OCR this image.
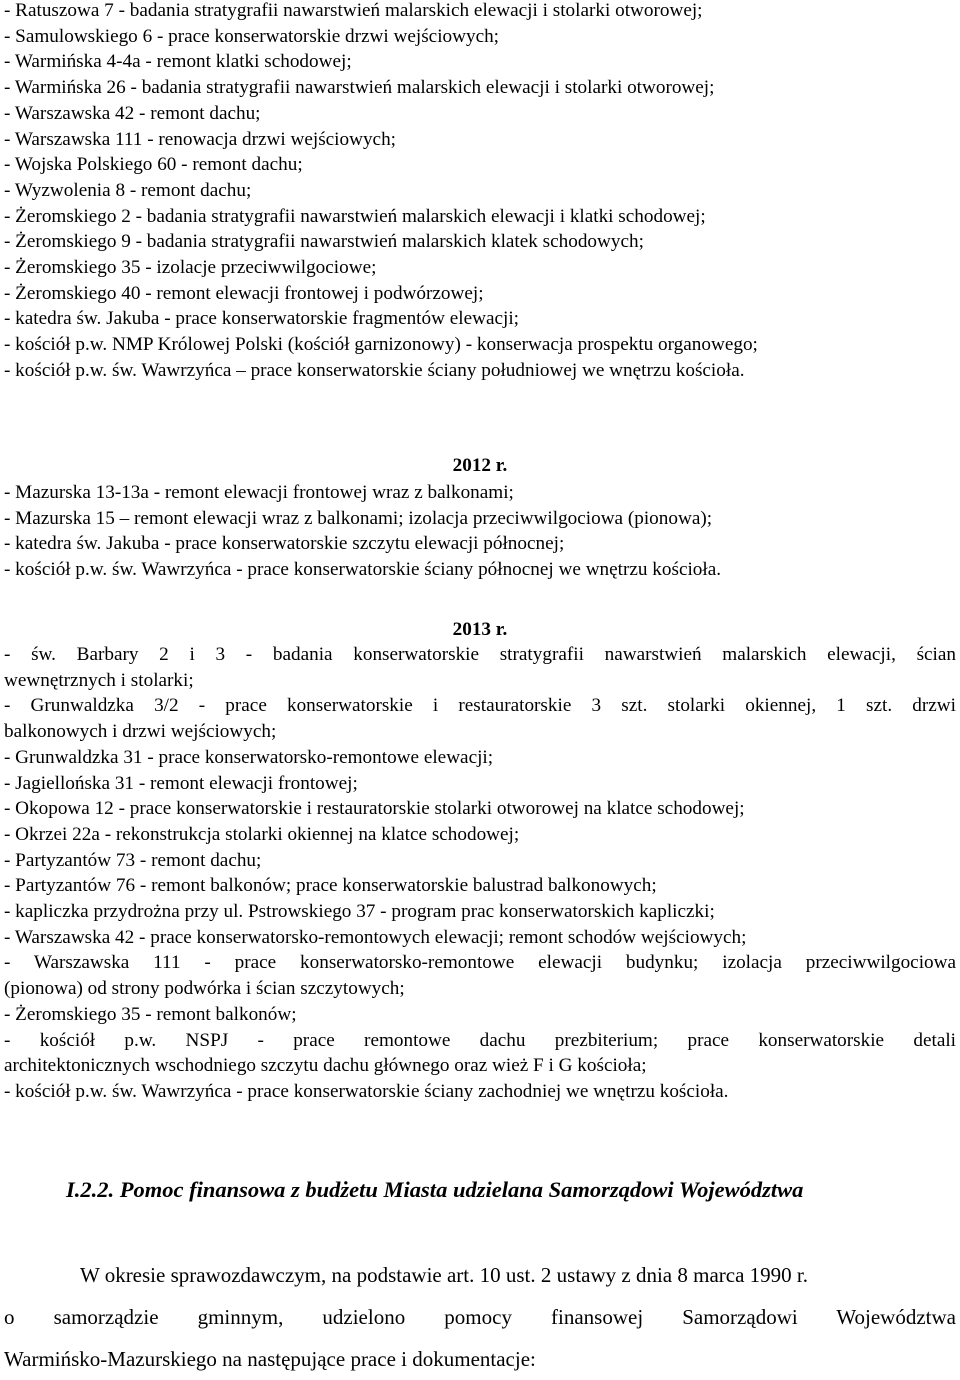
- Ratuszowa 7 - badania stratygrafii nawarstwień malarskich elewacji i stolarki otworowej;
- Samulowskiego 6 - prace konserwatorskie drzwi wejściowych;
- Warmińska 4-4a - remont klatki schodowej;
- Warmińska 26 - badania stratygrafii nawarstwień malarskich elewacji i stolarki otworowej;
- Warszawska 42 - remont dachu;
- Warszawska 111 - renowacja drzwi wejściowych;
- Wojska Polskiego 60 - remont dachu;
- Wyzwolenia 8 - remont dachu;
- Żeromskiego 2 - badania stratygrafii nawarstwień malarskich elewacji i klatki schodowej;
- Żeromskiego 9 - badania stratygrafii nawarstwień malarskich klatek schodowych;
- Żeromskiego 35 - izolacje przeciwwilgociowe;
- Żeromskiego 40 - remont elewacji frontowej i podwórzowej;
- katedra św. Jakuba - prace konserwatorskie fragmentów elewacji;
- kościół p.w. NMP Królowej Polski (kościół garnizonowy) - konserwacja prospektu organowego;
- kościół p.w. św. Wawrzyńca – prace konserwatorskie ściany południowej we wnętrzu kościoła.
2012 r.
- Mazurska 13-13a - remont elewacji frontowej wraz z balkonami;
- Mazurska 15 – remont elewacji wraz z balkonami; izolacja przeciwwilgociowa (pionowa);
- katedra św. Jakuba - prace konserwatorskie szczytu elewacji północnej;
- kościół p.w. św. Wawrzyńca - prace konserwatorskie ściany północnej we wnętrzu kościoła.
2013 r.
- św. Barbary 2 i 3 - badania konserwatorskie stratygrafii nawarstwień malarskich elewacji, ścian
wewnętrznych i stolarki;
- Grunwaldzka 3/2 - prace konserwatorskie i restauratorskie 3 szt. stolarki okiennej, 1 szt. drzwi
balkonowych i drzwi wejściowych;
- Grunwaldzka 31 - prace konserwatorsko-remontowe elewacji;
- Jagiellońska 31 - remont elewacji frontowej;
- Okopowa 12 - prace konserwatorskie i restauratorskie stolarki otworowej na klatce schodowej;
- Okrzei 22a - rekonstrukcja stolarki okiennej na klatce schodowej;
- Partyzantów 73 - remont dachu;
- Partyzantów 76 - remont balkonów; prace konserwatorskie balustrad balkonowych;
- kapliczka przydrożna przy ul. Pstrowskiego 37 - program prac konserwatorskich kapliczki;
- Warszawska 42 - prace konserwatorsko-remontowych elewacji; remont schodów wejściowych;
- Warszawska 111 - prace konserwatorsko-remontowe elewacji budynku; izolacja przeciwwilgociowa
(pionowa) od strony podwórka i ścian szczytowych;
- Żeromskiego 35 - remont balkonów;
- kościół p.w. NSPJ - prace remontowe dachu prezbiterium; prace konserwatorskie detali
architektonicznych wschodniego szczytu dachu głównego oraz wież F i G kościoła;
- kościół p.w. św. Wawrzyńca - prace konserwatorskie ściany zachodniej we wnętrzu kościoła.
I.2.2. Pomoc finansowa z budżetu Miasta udzielana Samorządowi Województwa
W okresie sprawozdawczym, na podstawie art. 10 ust. 2 ustawy z dnia 8 marca 1990 r.
o samorządzie gminnym, udzielono pomocy finansowej Samorządowi Województwa
Warmińsko-Mazurskiego na następujące prace i dokumentacje:
